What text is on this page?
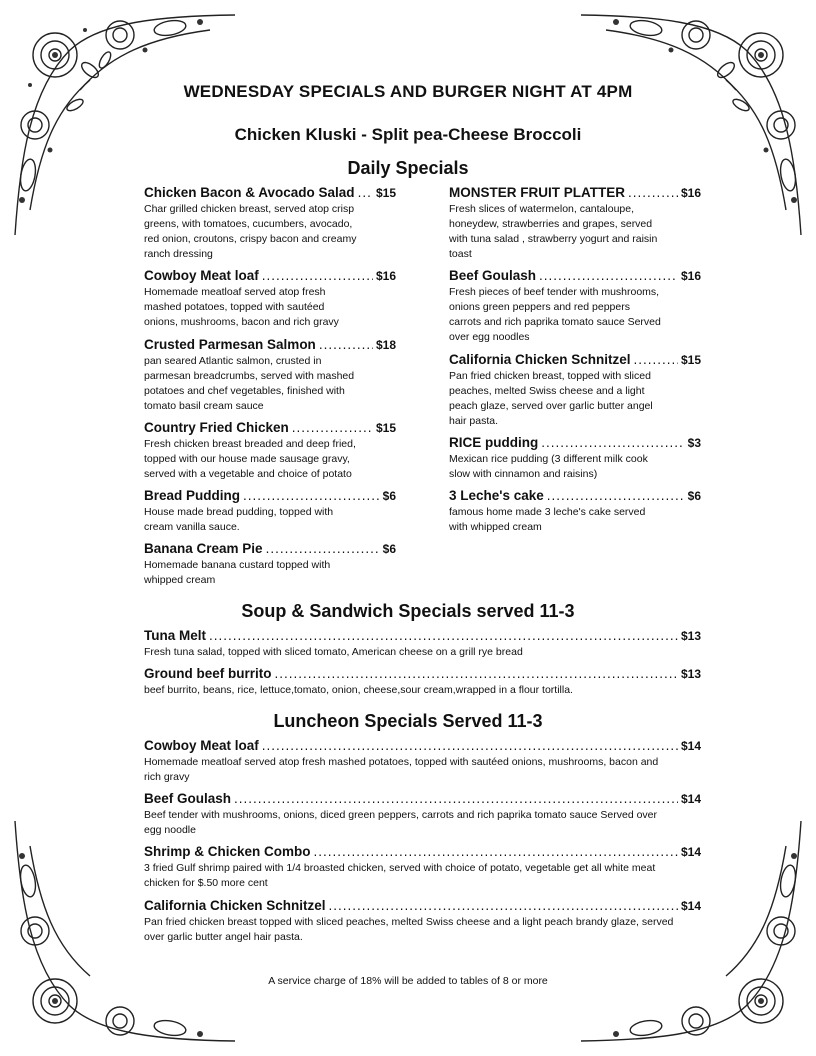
WEDNESDAY SPECIALS AND BURGER NIGHT AT 4PM
Chicken Kluski - Split pea-Cheese Broccoli
Daily Specials
Chicken Bacon & Avocado Salad ..... $15
Char grilled chicken breast, served atop crisp
greens, with tomatoes, cucumbers, avocado,
red onion, croutons, crispy bacon and creamy
ranch dressing
Cowboy Meat loaf .....	$16
Homemade meatloaf served atop fresh
mashed potatoes, topped with sautéed
onions, mushrooms, bacon and rich gravy
Crusted Parmesan Salmon .....	$18
pan seared Atlantic salmon, crusted in
parmesan breadcrumbs, served with mashed
potatoes and chef vegetables, finished with
tomato basil cream sauce
Country Fried Chicken .....	$15
Fresh chicken breast breaded and deep fried,
topped with our house made sausage gravy,
served with a vegetable and choice of potato
Bread Pudding .....	$6
House made bread pudding, topped with
cream vanilla sauce.
Banana Cream Pie .....	$6
Homemade banana custard topped with
whipped cream
MONSTER FRUIT PLATTER .....	$16
Fresh slices of watermelon, cantaloupe,
honeydew, strawberries and grapes, served
with tuna salad , strawberry yogurt and raisin
toast
Beef Goulash .....	$16
Fresh pieces of beef tender with mushrooms,
onions green peppers and red peppers
carrots and rich paprika tomato sauce Served
over egg noodles
California Chicken Schnitzel .....	$15
Pan fried chicken breast, topped with sliced
peaches, melted Swiss cheese and a light
peach glaze, served over garlic butter angel
hair pasta.
RICE pudding .....	$3
Mexican rice pudding (3 different milk cook
slow with cinnamon and raisins)
3 Leche's cake .....	$6
famous home made 3 leche's cake served
with whipped cream
Soup & Sandwich Specials served 11-3
Tuna Melt .....	$13
Fresh tuna salad, topped with sliced tomato, American cheese on a grill rye bread
Ground beef burrito .....	$13
beef burrito, beans, rice, lettuce,tomato, onion, cheese,sour cream,wrapped in a flour tortilla.
Luncheon Specials Served 11-3
Cowboy Meat loaf .....	$14
Homemade meatloaf served atop fresh mashed potatoes, topped with sautéed onions, mushrooms, bacon and
rich gravy
Beef Goulash .....	$14
Beef tender with mushrooms, onions, diced green peppers, carrots and rich paprika tomato sauce Served over
egg noodle
Shrimp & Chicken Combo .....	$14
3 fried Gulf shrimp paired with 1/4 broasted chicken, served with choice of potato, vegetable get all white meat
chicken for $.50 more cent
California Chicken Schnitzel .....	$14
Pan fried chicken breast topped with sliced peaches, melted Swiss cheese and a light peach brandy glaze, served
over garlic butter angel hair pasta.
A service charge of 18% will be added to tables of 8 or more
